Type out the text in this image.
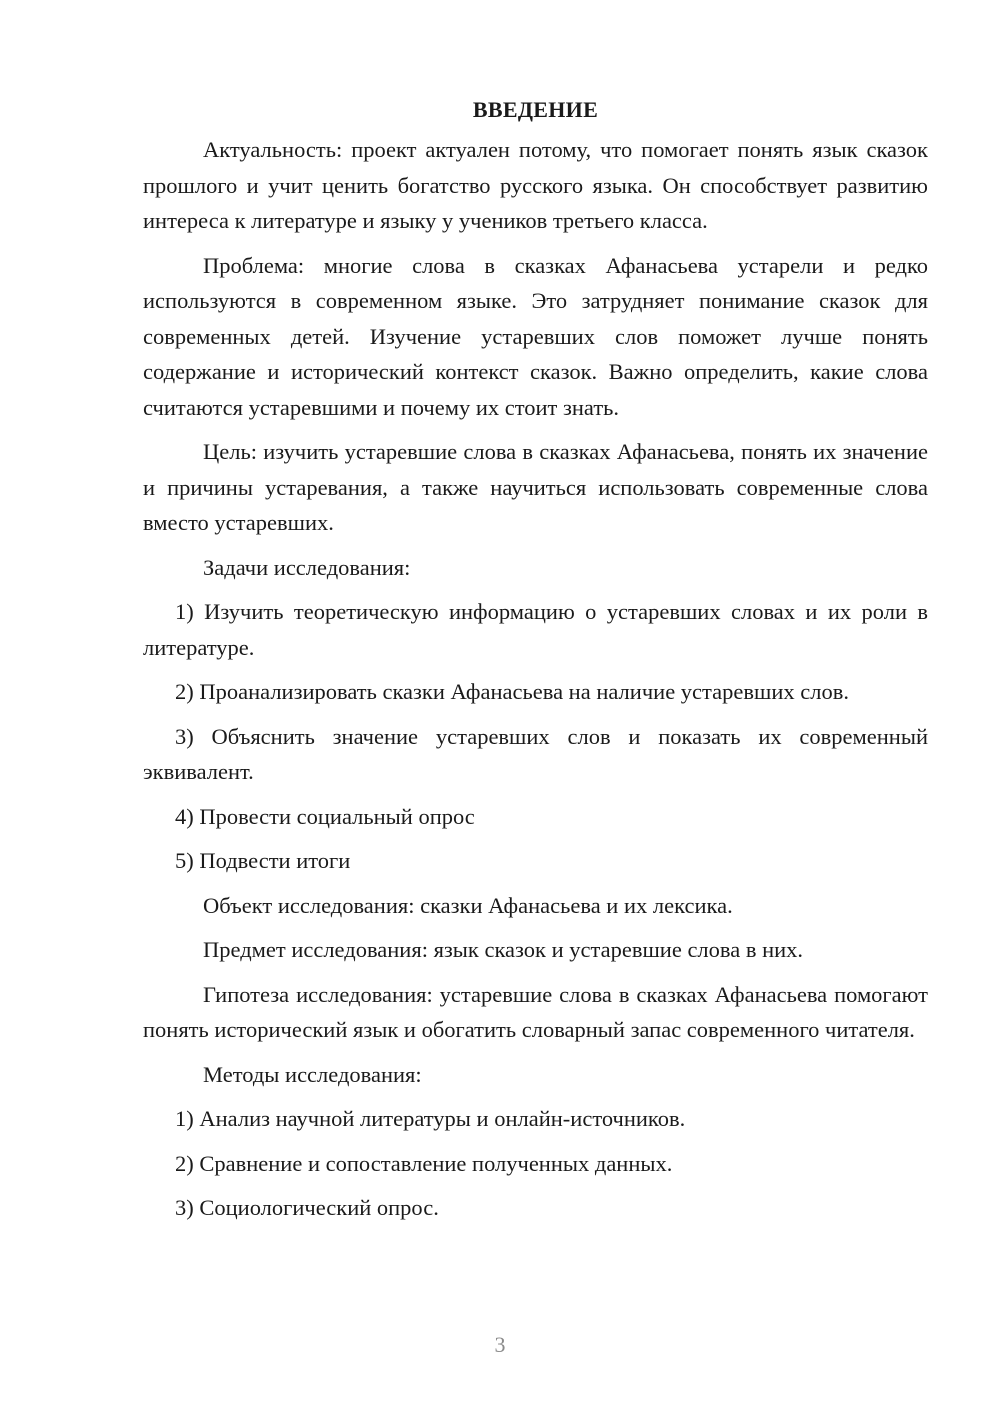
ВВЕДЕНИЕ

Актуальность: проект актуален потому, что помогает понять язык сказок прошлого и учит ценить богатство русского языка. Он способствует развитию интереса к литературе и языку у учеников третьего класса.

Проблема: многие слова в сказках Афанасьева устарели и редко используются в современном языке. Это затрудняет понимание сказок для современных детей. Изучение устаревших слов поможет лучше понять содержание и исторический контекст сказок. Важно определить, какие слова считаются устаревшими и почему их стоит знать.

Цель: изучить устаревшие слова в сказках Афанасьева, понять их значение и причины устаревания, а также научиться использовать современные слова вместо устаревших.

Задачи исследования:

1) Изучить теоретическую информацию о устаревших словах и их роли в литературе.

2) Проанализировать сказки Афанасьева на наличие устаревших слов.

3) Объяснить значение устаревших слов и показать их современный эквивалент.

4) Провести социальный опрос

5) Подвести итоги

Объект исследования: сказки Афанасьева и их лексика.

Предмет исследования: язык сказок и устаревшие слова в них.

Гипотеза исследования: устаревшие слова в сказках Афанасьева помогают понять исторический язык и обогатить словарный запас современного читателя.

Методы исследования:

1) Анализ научной литературы и онлайн-источников.

2) Сравнение и сопоставление полученных данных.

3) Социологический опрос.

3
